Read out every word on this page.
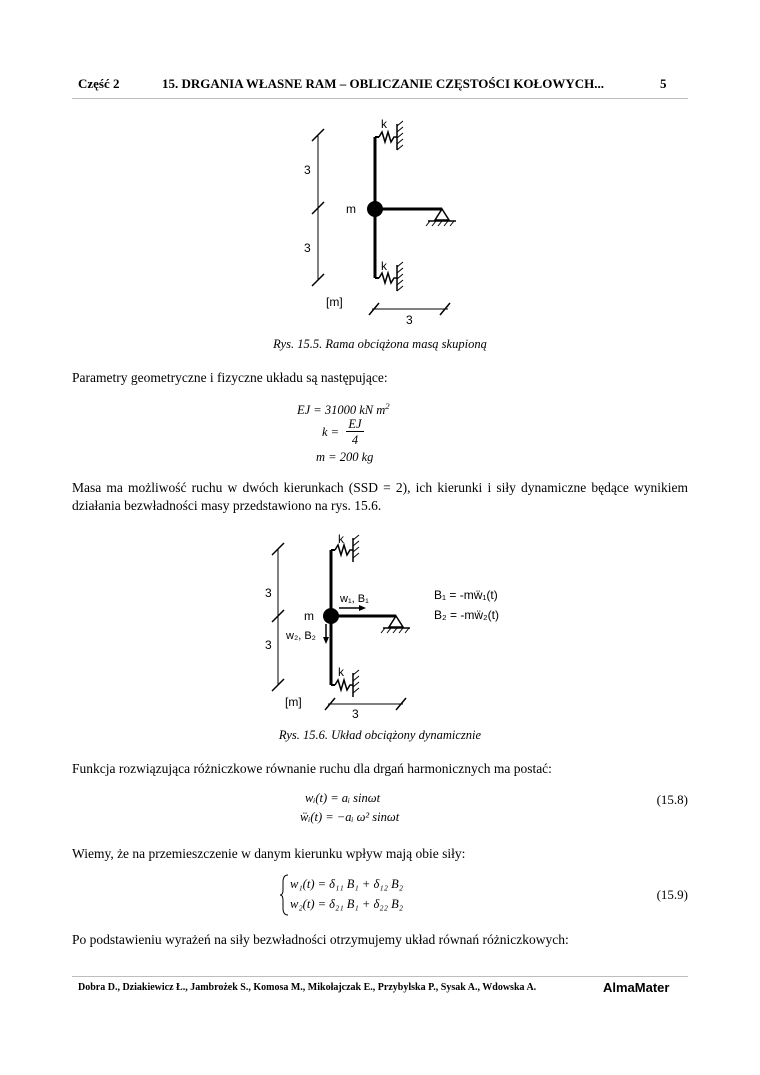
Część 2	15. DRGANIA WŁASNE RAM – OBLICZANIE CZĘSTOŚCI KOŁOWYCH...	5
3
3
k
k
m
[m]
3
Rys. 15.5. Rama obciążona masą skupioną
Parametry geometryczne i fizyczne układu są następujące:
EJ = 31000 kN $m^2$
k =
EJ
4
m = 200 kg
Masa ma możliwość ruchu w dwóch kierunkach (SSD = 2), ich kierunki i siły dynamiczne będące wynikiem działania bezwładności masy przedstawiono na rys. 15.6.
3
3
k
k
m
w₁, B₁
w₂, B₂
B₁ = -mẅ₁(t)
B₂ = -mẅ₂(t)
[m]
3
Rys. 15.6. Układ obciążony dynamicznie
Funkcja rozwiązująca różniczkowe równanie ruchu dla drgań harmonicznych ma postać:
wᵢ(t) = aᵢ sinωt
ẅᵢ(t) = −aᵢ ω² sinωt
(15.8)
Wiemy, że na przemieszczenie w danym kierunku wpływ mają obie siły:
w₁(t) = δ₁₁ B₁ + δ₁₂ B₂
w₂(t) = δ₂₁ B₁ + δ₂₂ B₂
(15.9)
Po podstawieniu wyrażeń na siły bezwładności otrzymujemy układ równań różniczkowych:
Dobra D., Dziakiewicz Ł., Jambrożek S., Komosa M., Mikołajczak E., Przybylska P., Sysak A., Wdowska A.	AlmaMater
